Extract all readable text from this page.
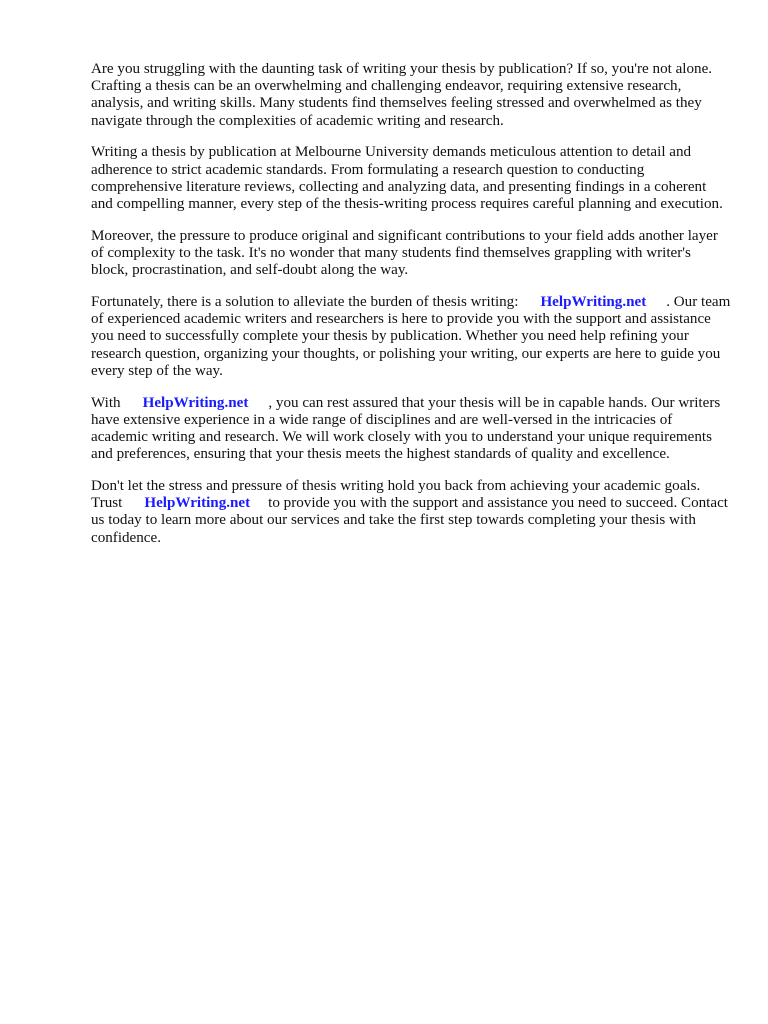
Are you struggling with the daunting task of writing your thesis by publication? If so, you're not alone. Crafting a thesis can be an overwhelming and challenging endeavor, requiring extensive research, analysis, and writing skills. Many students find themselves feeling stressed and overwhelmed as they navigate through the complexities of academic writing and research.

Writing a thesis by publication at Melbourne University demands meticulous attention to detail and adherence to strict academic standards. From formulating a research question to conducting comprehensive literature reviews, collecting and analyzing data, and presenting findings in a coherent and compelling manner, every step of the thesis-writing process requires careful planning and execution.

Moreover, the pressure to produce original and significant contributions to your field adds another layer of complexity to the task. It's no wonder that many students find themselves grappling with writer's block, procrastination, and self-doubt along the way.

Fortunately, there is a solution to alleviate the burden of thesis writing: HelpWriting.net . Our team of experienced academic writers and researchers is here to provide you with the support and assistance you need to successfully complete your thesis by publication. Whether you need help refining your research question, organizing your thoughts, or polishing your writing, our experts are here to guide you every step of the way.

With HelpWriting.net , you can rest assured that your thesis will be in capable hands. Our writers have extensive experience in a wide range of disciplines and are well-versed in the intricacies of academic writing and research. We will work closely with you to understand your unique requirements and preferences, ensuring that your thesis meets the highest standards of quality and excellence.

Don't let the stress and pressure of thesis writing hold you back from achieving your academic goals. Trust HelpWriting.net to provide you with the support and assistance you need to succeed. Contact us today to learn more about our services and take the first step towards completing your thesis with confidence.
